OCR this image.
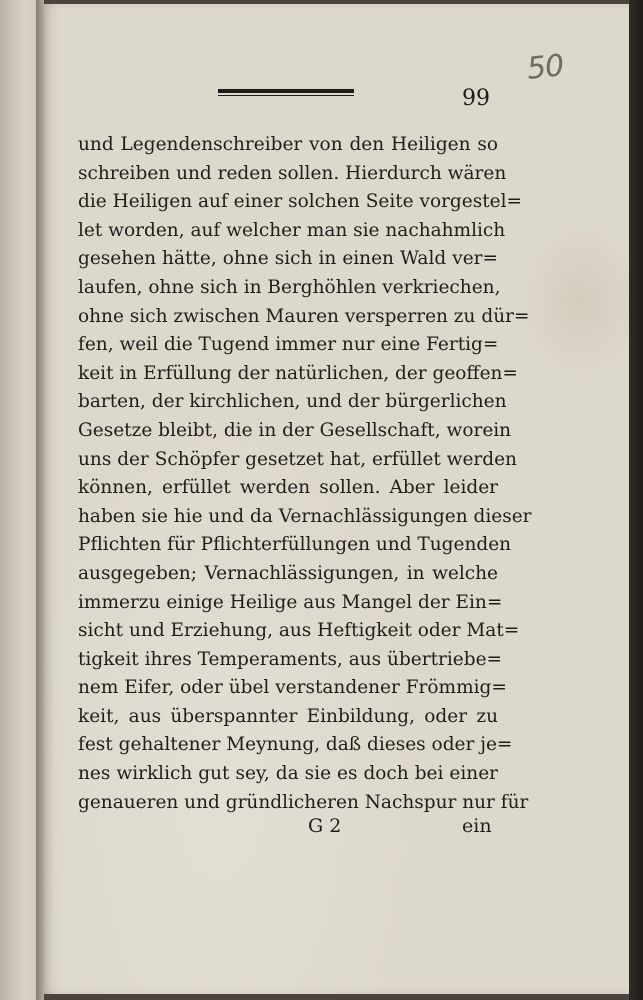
99
50
und Legendenschreiber von den Heiligen so
schreiben und reden sollen. Hierdurch wären
die Heiligen auf einer solchen Seite vorgestel=
let worden, auf welcher man sie nachahmlich
gesehen hätte, ohne sich in einen Wald ver=
laufen, ohne sich in Berghöhlen verkriechen,
ohne sich zwischen Mauren versperren zu dür=
fen, weil die Tugend immer nur eine Fertig=
keit in Erfüllung der natürlichen, der geoffen=
barten, der kirchlichen, und der bürgerlichen
Gesetze bleibt, die in der Gesellschaft, worein
uns der Schöpfer gesetzet hat, erfüllet werden
können, erfüllet werden sollen. Aber leider
haben sie hie und da Vernachlässigungen dieser
Pflichten für Pflichterfüllungen und Tugenden
ausgegeben; Vernachlässigungen, in welche
immerzu einige Heilige aus Mangel der Ein=
sicht und Erziehung, aus Heftigkeit oder Mat=
tigkeit ihres Temperaments, aus übertriebe=
nem Eifer, oder übel verstandener Frömmig=
keit, aus überspannter Einbildung, oder zu
fest gehaltener Meynung, daß dieses oder je=
nes wirklich gut sey, da sie es doch bei einer
genaueren und gründlicheren Nachspur nur für
G 2	ein
